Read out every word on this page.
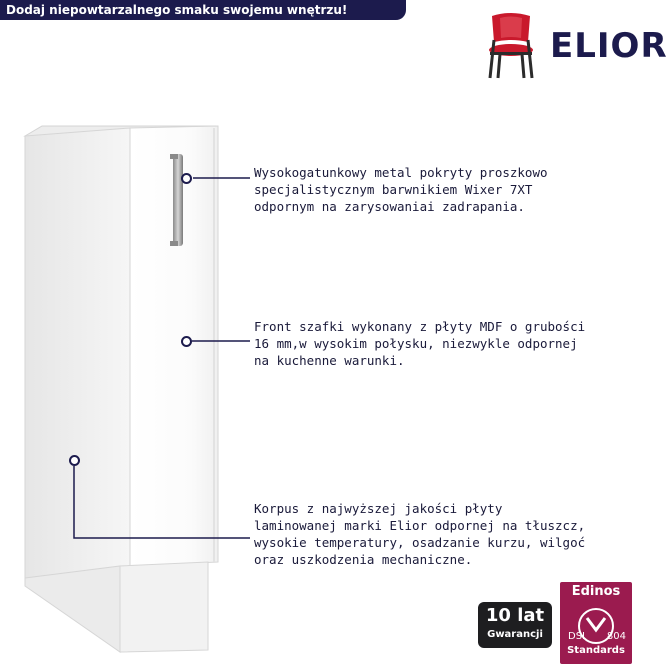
Dodaj niepowtarzalnego smaku swojemu wnętrzu!
ELIOR
Wysokogatunkowy metal pokryty proszkowo
specjalistycznym barwnikiem Wixer 7XT
odpornym na zarysowaniai zadrapania.
Front szafki wykonany z płyty MDF o grubości
16 mm,w wysokim połysku, niezwykle odpornej
na kuchenne warunki.
Korpus z najwyższej jakości płyty
laminowanej marki Elior odpornej na tłuszcz,
wysokie temperatury, osadzanie kurzu, wilgoć
oraz uszkodzenia mechaniczne.
10 lat
Gwarancji
Edinos
DSI 804
Standards
